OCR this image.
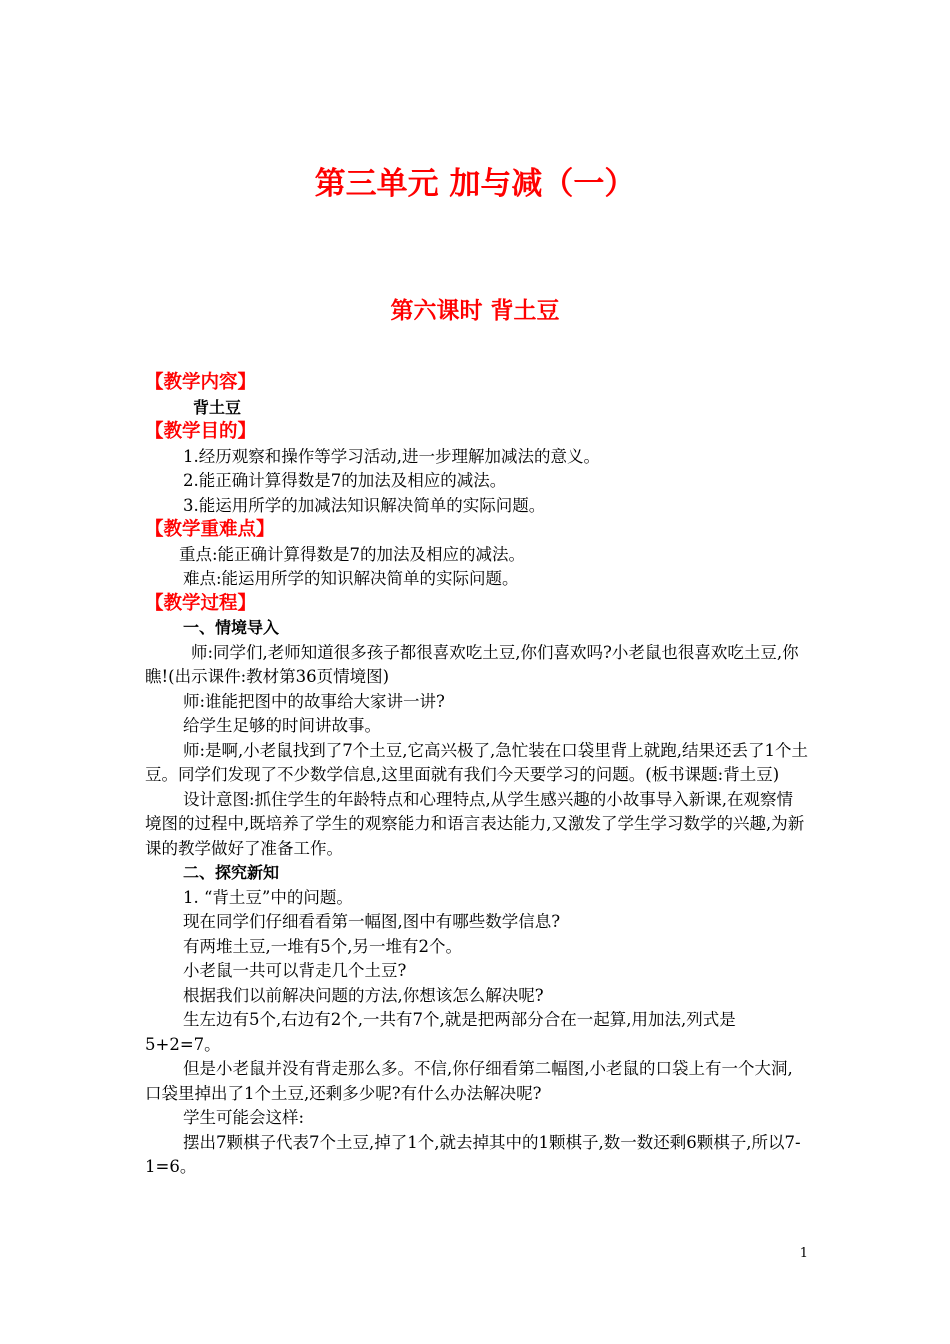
第三单元 加与减（一）
第六课时 背土豆

【教学内容】

背土豆

【教学目的】

1.经历观察和操作等学习活动,进一步理解加减法的意义。

2.能正确计算得数是7的加法及相应的减法。

3.能运用所学的加减法知识解决简单的实际问题。

【教学重难点】

重点:能正确计算得数是7的加法及相应的减法。

难点:能运用所学的知识解决简单的实际问题。

【教学过程】

一、情境导入

师:同学们,老师知道很多孩子都很喜欢吃土豆,你们喜欢吗?小老鼠也很喜欢吃土豆,你瞧!(出示课件:教材第36页情境图)

师:谁能把图中的故事给大家讲一讲?

给学生足够的时间讲故事。

师:是啊,小老鼠找到了7个土豆,它高兴极了,急忙装在口袋里背上就跑,结果还丢了1个土豆。同学们发现了不少数学信息,这里面就有我们今天要学习的问题。(板书课题:背土豆)

设计意图:抓住学生的年龄特点和心理特点,从学生感兴趣的小故事导入新课,在观察情境图的过程中,既培养了学生的观察能力和语言表达能力,又激发了学生学习数学的兴趣,为新课的教学做好了准备工作。

二、探究新知

1. “背土豆”中的问题。

现在同学们仔细看看第一幅图,图中有哪些数学信息?

有两堆土豆,一堆有5个,另一堆有2个。

小老鼠一共可以背走几个土豆?

根据我们以前解决问题的方法,你想该怎么解决呢?

生左边有5个,右边有2个,一共有7个,就是把两部分合在一起算,用加法,列式是5+2=7。

但是小老鼠并没有背走那么多。不信,你仔细看第二幅图,小老鼠的口袋上有一个大洞,口袋里掉出了1个土豆,还剩多少呢?有什么办法解决呢?

学生可能会这样:

摆出7颗棋子代表7个土豆,掉了1个,就去掉其中的1颗棋子,数一数还剩6颗棋子,所以7-1=6。

1
